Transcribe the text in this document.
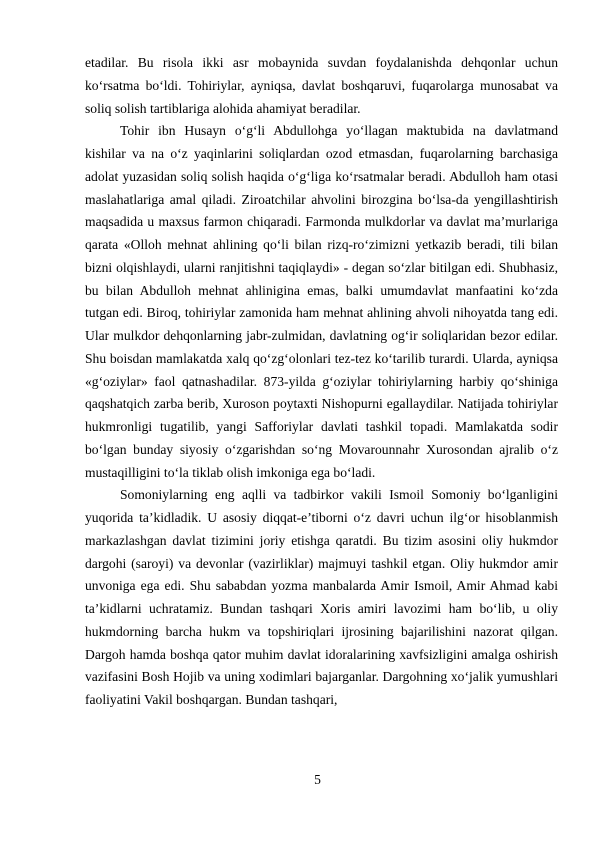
etadilar. Bu risola ikki asr mobaynida suvdan foydalanishda dehqonlar uchun ko‘rsatma bo‘ldi. Tohiriylar, ayniqsa, davlat boshqaruvi, fuqarolarga munosabat va soliq solish tartiblariga alohida ahamiyat beradilar.

Tohir ibn Husayn o‘g‘li Abdullohga yo‘llagan maktubida na davlatmand kishilar va na o‘z yaqinlarini soliqlardan ozod etmasdan, fuqarolarning barchasiga adolat yuzasidan soliq solish haqida o‘g‘liga ko‘rsatmalar beradi. Abdulloh ham otasi maslahatlariga amal qiladi. Ziroatchilar ahvolini birozgina bo‘lsa-da yengillashtirish maqsadida u maxsus farmon chiqaradi. Farmonda mulkdorlar va davlat ma’murlariga qarata «Olloh mehnat ahlining qo‘li bilan rizq-ro‘zimizni yetkazib beradi, tili bilan bizni olqishlaydi, ularni ranjitishni taqiqlaydi» - degan so‘zlar bitilgan edi. Shubhasiz, bu bilan Abdulloh mehnat ahlinigina emas, balki umumdavlat manfaatini ko‘zda tutgan edi. Biroq, tohiriylar zamonida ham mehnat ahlining ahvoli nihoyatda tang edi. Ular mulkdor dehqonlarning jabr-zulmidan, davlatning og‘ir soliqlaridan bezor edilar. Shu boisdan mamlakatda xalq qo‘zg‘olonlari tez-tez ko‘tarilib turardi. Ularda, ayniqsa «g‘oziylar» faol qatnashadilar. 873-yilda g‘oziylar tohiriylarning harbiy qo‘shiniga qaqshatqich zarba berib, Xuroson poytaxti Nishopurni egallaydilar. Natijada tohiriylar hukmronligi tugatilib, yangi Safforiylar davlati tashkil topadi. Mamlakatda sodir bo‘lgan bunday siyosiy o‘zgarishdan so‘ng Movarounnahr Xurosondan ajralib o‘z mustaqilligini to‘la tiklab olish imkoniga ega bo‘ladi.

Somoniylarning eng aqlli va tadbirkor vakili Ismoil Somoniy bo‘lganligini yuqorida ta’kidladik. U asosiy diqqat-e’tiborni o‘z davri uchun ilg‘or hisoblanmish markazlashgan davlat tizimini joriy etishga qaratdi. Bu tizim asosini oliy hukmdor dargohi (saroyi) va devonlar (vazirliklar) majmuyi tashkil etgan. Oliy hukmdor amir unvoniga ega edi. Shu sababdan yozma manbalarda Amir Ismoil, Amir Ahmad kabi ta’kidlarni uchratamiz. Bundan tashqari Xoris amiri lavozimi ham bo‘lib, u oliy hukmdorning barcha hukm va topshiriqlari ijrosining bajarilishini nazorat qilgan. Dargoh hamda boshqa qator muhim davlat idoralarining xavfsizligini amalga oshirish vazifasini Bosh Hojib va uning xodimlari bajarganlar. Dargohning xo‘jalik yumushlari faoliyatini Vakil boshqargan. Bundan tashqari,

5
